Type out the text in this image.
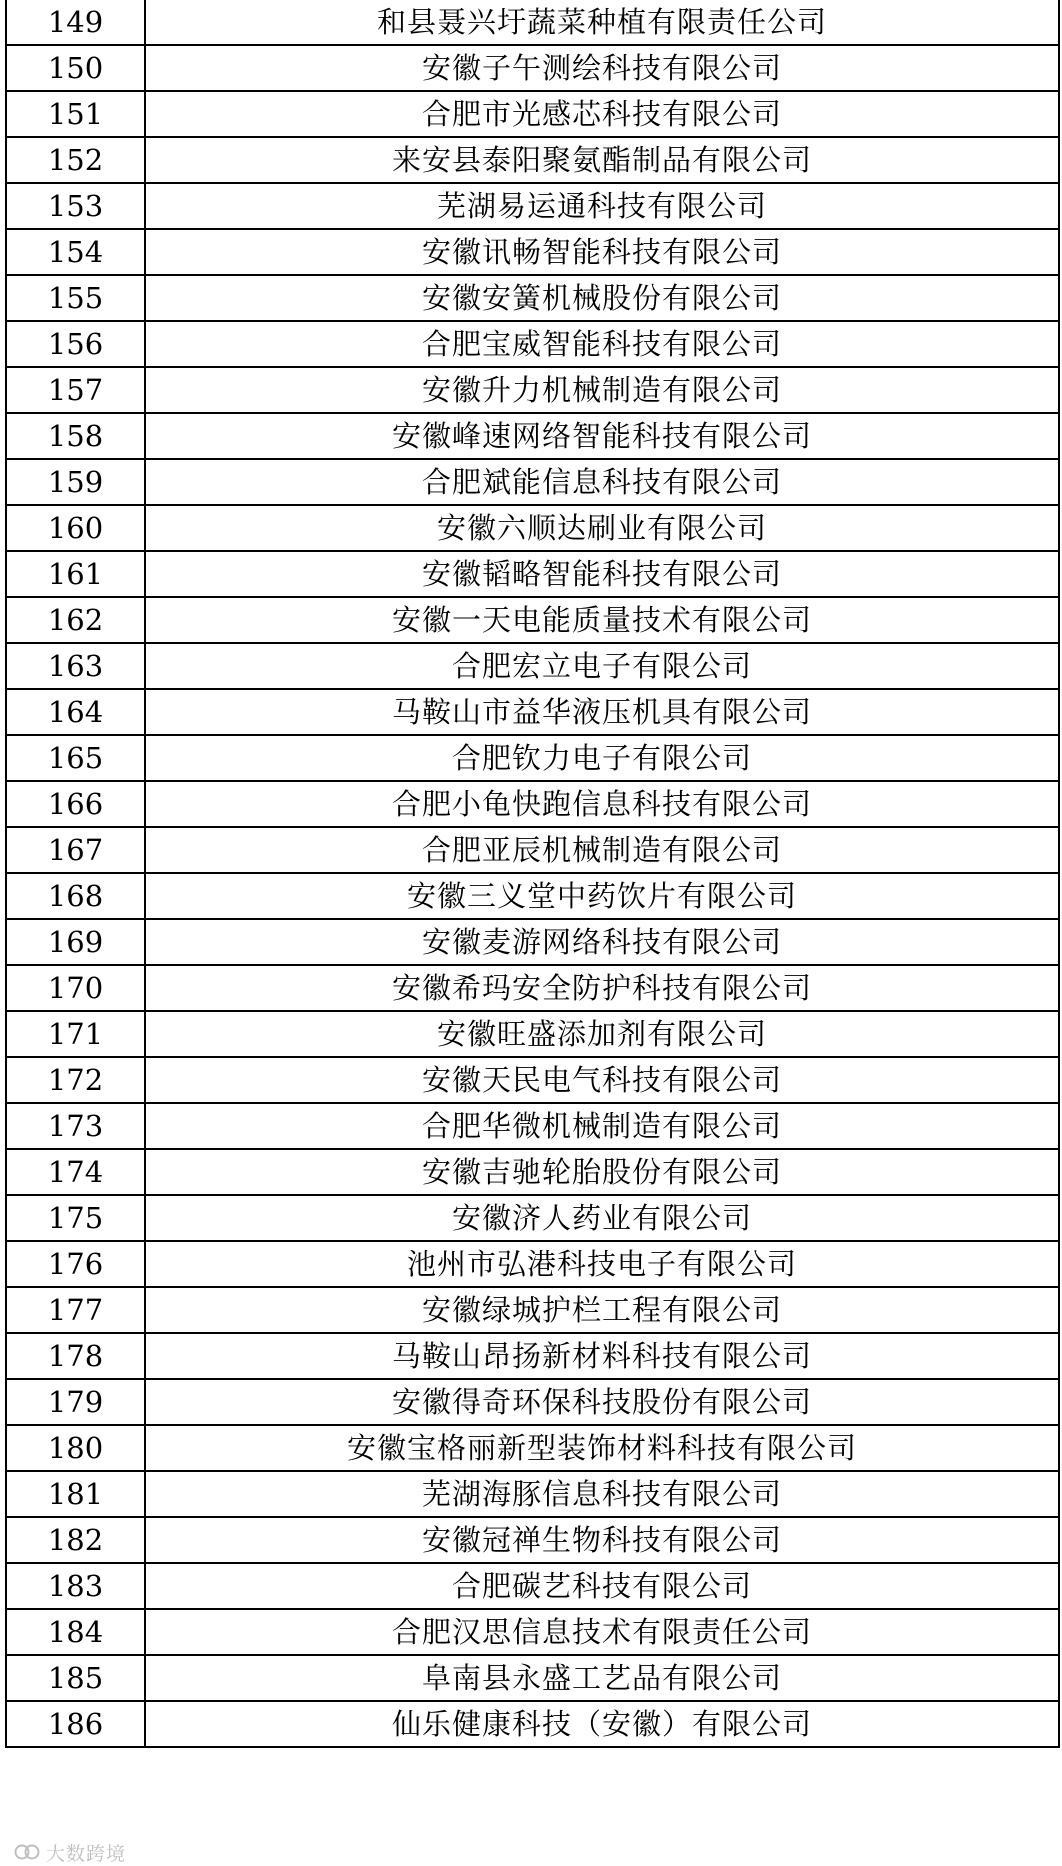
149	和县聂兴圩蔬菜种植有限责任公司
150	安徽子午测绘科技有限公司
151	合肥市光感芯科技有限公司
152	来安县泰阳聚氨酯制品有限公司
153	芜湖易运通科技有限公司
154	安徽讯畅智能科技有限公司
155	安徽安簧机械股份有限公司
156	合肥宝威智能科技有限公司
157	安徽升力机械制造有限公司
158	安徽峰速网络智能科技有限公司
159	合肥斌能信息科技有限公司
160	安徽六顺达刷业有限公司
161	安徽韬略智能科技有限公司
162	安徽一天电能质量技术有限公司
163	合肥宏立电子有限公司
164	马鞍山市益华液压机具有限公司
165	合肥钦力电子有限公司
166	合肥小龟快跑信息科技有限公司
167	合肥亚辰机械制造有限公司
168	安徽三义堂中药饮片有限公司
169	安徽麦游网络科技有限公司
170	安徽希玛安全防护科技有限公司
171	安徽旺盛添加剂有限公司
172	安徽天民电气科技有限公司
173	合肥华微机械制造有限公司
174	安徽吉驰轮胎股份有限公司
175	安徽济人药业有限公司
176	池州市弘港科技电子有限公司
177	安徽绿城护栏工程有限公司
178	马鞍山昂扬新材料科技有限公司
179	安徽得奇环保科技股份有限公司
180	安徽宝格丽新型装饰材料科技有限公司
181	芜湖海豚信息科技有限公司
182	安徽冠禅生物科技有限公司
183	合肥碳艺科技有限公司
184	合肥汉思信息技术有限责任公司
185	阜南县永盛工艺品有限公司
186	仙乐健康科技（安徽）有限公司
大数跨境
